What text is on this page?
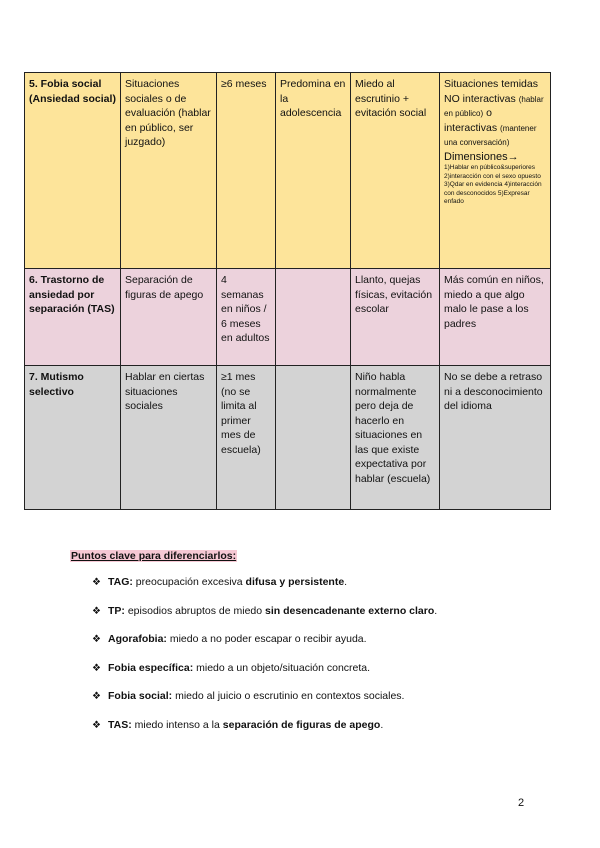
5. Fobia social (Ansiedad social)	Situaciones sociales o de evaluación (hablar en público, ser juzgado)	≥6 meses	Predomina en la adolescencia	Miedo al escrutinio + evitación social	Situaciones temidas NO interactivas (hablar en público) o interactivas (mantener una conversación) Dimensiones→
1)Hablar en público&superiores 2)interacción con el sexo opuesto 3)Qdar en evidencia 4)interacción con desconocidos 5)Expresar enfado

6. Trastorno de ansiedad por separación (TAS)	Separación de figuras de apego	4 semanas en niños / 6 meses en adultos		Llanto, quejas físicas, evitación escolar	Más común en niños, miedo a que algo malo le pase a los padres
7. Mutismo selectivo	Hablar en ciertas situaciones sociales	≥1 mes (no se limita al primer mes de escuela)		Niño habla normalmente pero deja de hacerlo en situaciones en las que existe expectativa por hablar (escuela)	No se debe a retraso ni a desconocimiento del idioma
Puntos clave para diferenciarlos:
❖ TAG: preocupación excesiva difusa y persistente.
❖ TP: episodios abruptos de miedo sin desencadenante externo claro.
❖ Agorafobia: miedo a no poder escapar o recibir ayuda.
❖ Fobia específica: miedo a un objeto/situación concreta.
❖ Fobia social: miedo al juicio o escrutinio en contextos sociales.
❖ TAS: miedo intenso a la separación de figuras de apego.
2
